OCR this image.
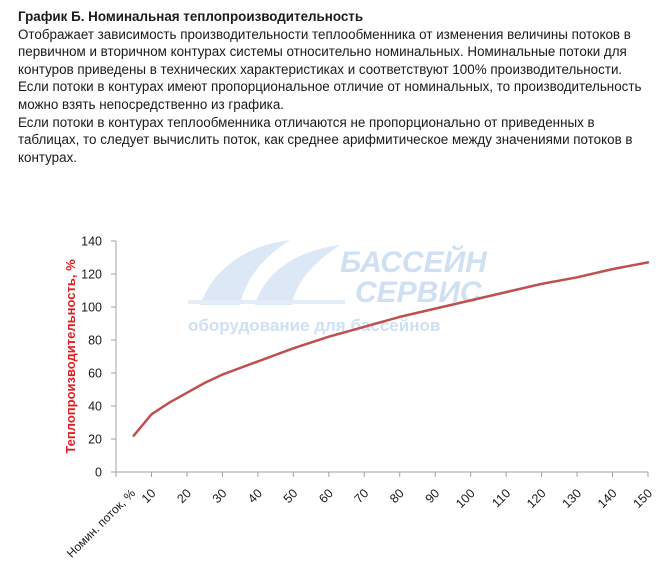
График Б. Номинальная теплопроизводительность

Отображает зависимость производительности теплообменника от изменения величины потоков в первичном и вторичном контурах системы относительно номинальных. Номинальные потоки для контуров приведены в технических характеристиках и соответствуют 100% производительности.

Если потоки в контурах имеют пропорциональное отличие от номинальных, то производительность можно взять непосредственно из графика.

Если потоки в контурах теплообменника отличаются не пропорционально от приведенных в таблицах, то следует вычислить поток, как среднее арифмитическое между значениями потоков в контурах.

БАССЕЙН
СЕРВИС
оборудование для бассейнов
0
20
40
60
80
100
120
140
10 20 30 40 50 60 70 80 90 100 110 120 130 140 150
Теплопроизводительность, %
Номин. поток, %
